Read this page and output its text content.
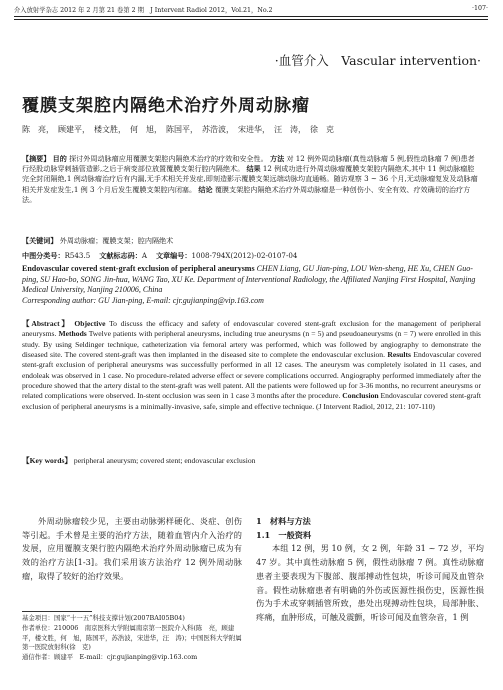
介入放射学杂志 2012 年 2 月第 21 卷第 2 期　J Intervent Radiol 2012，Vol.21，No.2	·107·
·血管介入　Vascular intervention·
覆膜支架腔内隔绝术治疗外周动脉瘤
陈　亮，　顾建平，　楼文胜，　何　旭，　陈国平，　苏浩波，　宋进华，　汪　涛，　徐　克
【摘要】 目的 探讨外周动脉瘤应用覆膜支架腔内隔绝术治疗的疗效和安全性。 方法 对 12 例外周动脉瘤(真性动脉瘤 5 例,假性动脉瘤 7 例)患者行经股动脉穿刺插管造影,之后于病变部位放置覆膜支架行腔内隔绝术。 结果 12 例成功进行外周动脉瘤覆膜支架腔内隔绝术,其中 11 例动脉瘤腔完全封闭隔绝,1 例动脉瘤治疗后有内漏,无手术相关并发症,即刻造影示覆膜支架远端动脉均直通畅。随访观察 3 ~ 36 个月,无动脉瘤复发及动脉瘤相关并发症发生,1 例 3 个月后发生覆膜支架腔内闭塞。 结论 覆膜支架腔内隔绝术治疗外周动脉瘤是一种创伤小、安全有效、疗效确切的治疗方法。
【关键词】 外周动脉瘤；覆膜支架；腔内隔绝术
中图分类号：R543.5 文献标志码：A 文章编号：1008-794X(2012)-02-0107-04
Endovascular covered stent-graft exclusion of peripheral aneurysms CHEN Liang, GU Jian-ping, LOU Wen-sheng, HE Xu, CHEN Guo-ping, SU Hao-bo, SONG Jin-hua, WANG Tao, XU Ke. Department of Interventional Radiology, the Affiliated Nanjing First Hospital, Nanjing Medical University, Nanjing 210006, China
Corresponding author: GU Jian-ping, E-mail: cjr.gujianping@vip.163.com
【Abstract】 Objective To discuss the efficacy and safety of endovascular covered stent-graft exclusion for the management of peripheral aneurysms. Methods Twelve patients with peripheral aneurysms, including true aneurysms (n = 5) and pseudoaneurysms (n = 7) were enrolled in this study. By using Seldinger technique, catheterization via femoral artery was performed, which was followed by angiography to demonstrate the diseased site. The covered stent-graft was then implanted in the diseased site to complete the endovascular exclusion. Results Endovascular covered stent-graft exclusion of peripheral aneurysms was successfully performed in all 12 cases. The aneurysm was completely isolated in 11 cases, and endoleak was observed in 1 case. No procedure-related adverse effect or severe complications occurred. Angiography performed immediately after the procedure showed that the artery distal to the stent-graft was well patent. All the patients were followed up for 3-36 months, no recurrent aneurysms or related complications were observed. In-stent occlusion was seen in 1 case 3 months after the procedure. Conclusion Endovascular covered stent-graft exclusion of peripheral aneurysms is a minimally-invasive, safe, simple and effective technique. (J Intervent Radiol, 2012, 21: 107-110)
【Key words】 peripheral aneurysm; covered stent; endovascular exclusion
外周动脉瘤较少见，主要由动脉粥样硬化、炎症、创伤等引起。手术曾是主要的治疗方法，随着血管内介入治疗的发展，应用覆膜支架行腔内隔绝术治疗外周动脉瘤已成为有效的治疗方法[1-3]。我们采用该方法治疗 12 例外周动脉瘤，取得了较好的治疗效果。
1　材料与方法
1.1　一般资料
本组 12 例，男 10 例，女 2 例，年龄 31 ~ 72 岁，平均 47 岁。其中真性动脉瘤 5 例，假性动脉瘤 7 例。真性动脉瘤患者主要表现为下腹部、腹部搏动性包块，听诊可闻及血管杂音。假性动脉瘤患者有明确的外伤或医源性损伤史，医源性损伤为手术或穿刺插管所致，患处出现搏动性包块，局部肿胀、疼痛，血肿形成，可触及震颤，听诊可闻及血管杂音，1 例
基金项目：国家“十一五”科技支撑计划(2007BAI05B04)
作者单位：210006　南京医科大学附属南京第一医院介入科(陈　亮，顾建平，楼文胜，何　旭，陈国平，苏浩波，宋进华，汪　涛)；中国医科大学附属第一医院放射科(徐　克)
通信作者：顾建平　E-mail：cjr.gujianping@vip.163.com
